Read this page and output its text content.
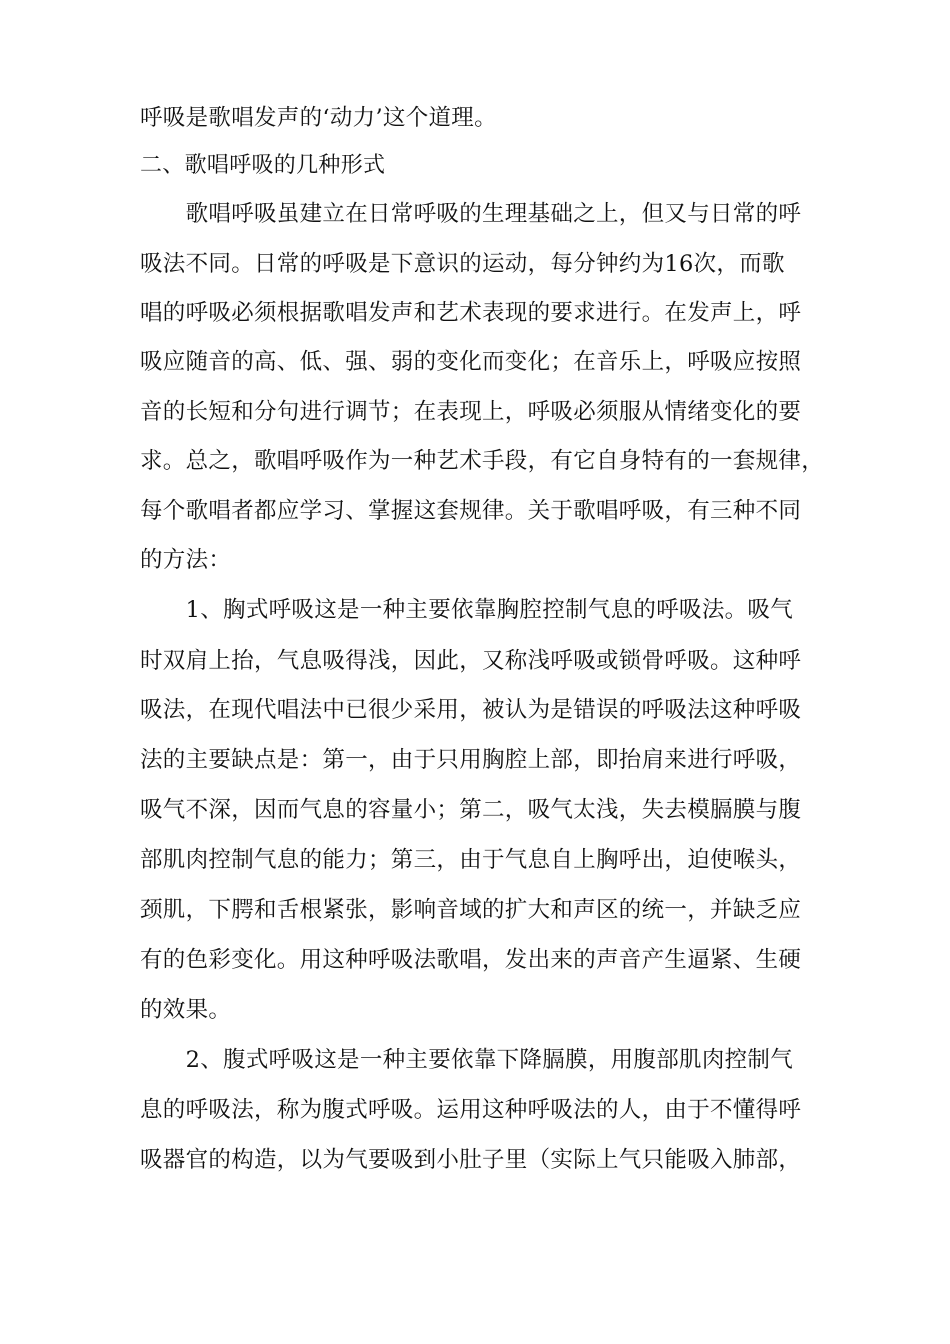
呼吸是歌唱发声的‘动力’这个道理。
二、歌唱呼吸的几种形式
　　歌唱呼吸虽建立在日常呼吸的生理基础之上，但又与日常的呼
吸法不同。日常的呼吸是下意识的运动，每分钟约为16次，而歌
唱的呼吸必须根据歌唱发声和艺术表现的要求进行。在发声上，呼
吸应随音的高、低、强、弱的变化而变化；在音乐上，呼吸应按照
音的长短和分句进行调节；在表现上，呼吸必须服从情绪变化的要
求。总之，歌唱呼吸作为一种艺术手段，有它自身特有的一套规律，
每个歌唱者都应学习、掌握这套规律。关于歌唱呼吸，有三种不同
的方法：
　　1、胸式呼吸这是一种主要依靠胸腔控制气息的呼吸法。吸气
时双肩上抬，气息吸得浅，因此，又称浅呼吸或锁骨呼吸。这种呼
吸法，在现代唱法中已很少采用，被认为是错误的呼吸法这种呼吸
法的主要缺点是：第一，由于只用胸腔上部，即抬肩来进行呼吸，
吸气不深，因而气息的容量小；第二，吸气太浅，失去模膈膜与腹
部肌肉控制气息的能力；第三，由于气息自上胸呼出，迫使喉头，
颈肌，下腭和舌根紧张，影响音域的扩大和声区的统一，并缺乏应
有的色彩变化。用这种呼吸法歌唱，发出来的声音产生逼紧、生硬
的效果。
　　2、腹式呼吸这是一种主要依靠下降膈膜，用腹部肌肉控制气
息的呼吸法，称为腹式呼吸。运用这种呼吸法的人，由于不懂得呼
吸器官的构造，以为气要吸到小肚子里（实际上气只能吸入肺部，
